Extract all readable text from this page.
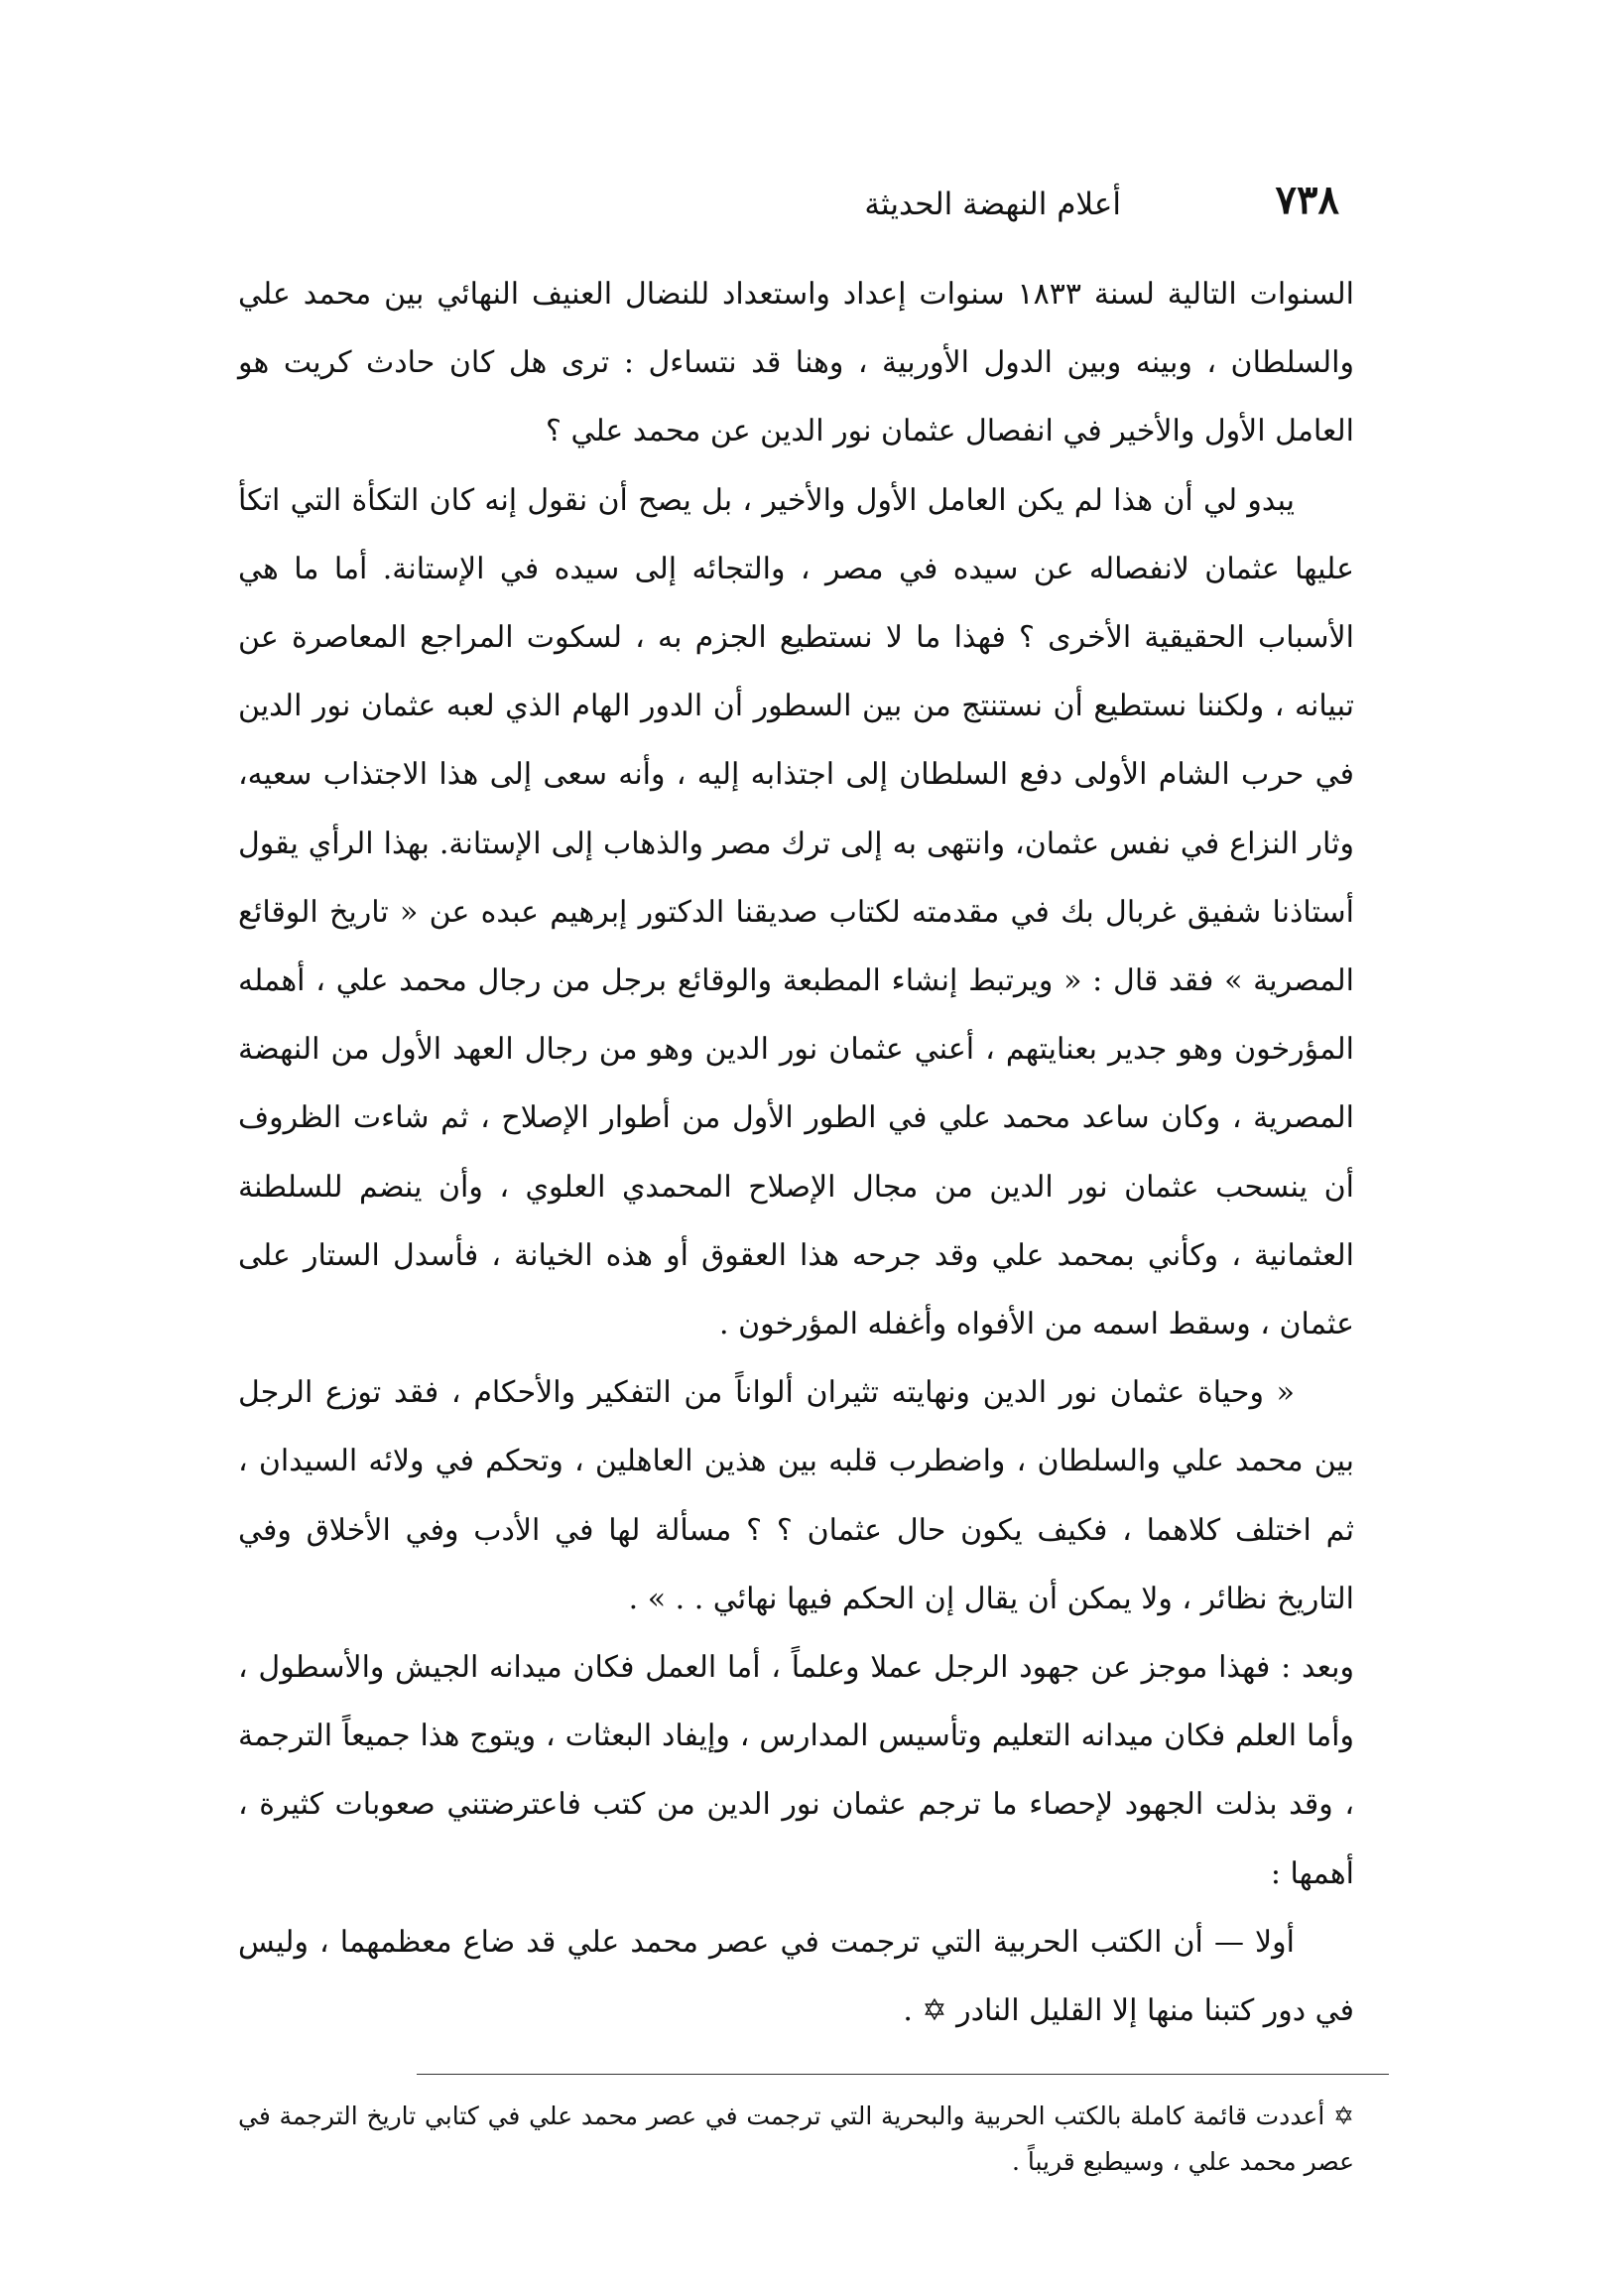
٧٣٨
أعلام النهضة الحديثة

السنوات التالية لسنة ١٨٣٣ سنوات إعداد واستعداد للنضال العنيف النهائي بين محمد علي والسلطان ، وبينه وبين الدول الأوربية ، وهنا قد نتساءل : ترى هل كان حادث كريت هو العامل الأول والأخير في انفصال عثمان نور الدين عن محمد علي ؟

يبدو لي أن هذا لم يكن العامل الأول والأخير ، بل يصح أن نقول إنه كان التكأة التي اتكأ عليها عثمان لانفصاله عن سيده في مصر ، والتجائه إلى سيده في الإستانة. أما ما هي الأسباب الحقيقية الأخرى ؟ فهذا ما لا نستطيع الجزم به ، لسكوت المراجع المعاصرة عن تبيانه ، ولكننا نستطيع أن نستنتج من بين السطور أن الدور الهام الذي لعبه عثمان نور الدين في حرب الشام الأولى دفع السلطان إلى اجتذابه إليه ، وأنه سعى إلى هذا الاجتذاب سعيه، وثار النزاع في نفس عثمان، وانتهى به إلى ترك مصر والذهاب إلى الإستانة. بهذا الرأي يقول أستاذنا شفيق غربال بك في مقدمته لكتاب صديقنا الدكتور إبرهيم عبده عن « تاريخ الوقائع المصرية » فقد قال : « ويرتبط إنشاء المطبعة والوقائع برجل من رجال محمد علي ، أهمله المؤرخون وهو جدير بعنايتهم ، أعني عثمان نور الدين وهو من رجال العهد الأول من النهضة المصرية ، وكان ساعد محمد علي في الطور الأول من أطوار الإصلاح ، ثم شاءت الظروف أن ينسحب عثمان نور الدين من مجال الإصلاح المحمدي العلوي ، وأن ينضم للسلطنة العثمانية ، وكأني بمحمد علي وقد جرحه هذا العقوق أو هذه الخيانة ، فأسدل الستار على عثمان ، وسقط اسمه من الأفواه وأغفله المؤرخون .

« وحياة عثمان نور الدين ونهايته تثيران ألواناً من التفكير والأحكام ، فقد توزع الرجل بين محمد علي والسلطان ، واضطرب قلبه بين هذين العاهلين ، وتحكم في ولائه السيدان ، ثم اختلف كلاهما ، فكيف يكون حال عثمان ؟ ؟ مسألة لها في الأدب وفي الأخلاق وفي التاريخ نظائر ، ولا يمكن أن يقال إن الحكم فيها نهائي . . » .

وبعد : فهذا موجز عن جهود الرجل عملا وعلماً ، أما العمل فكان ميدانه الجيش والأسطول ، وأما العلم فكان ميدانه التعليم وتأسيس المدارس ، وإيفاد البعثات ، ويتوج هذا جميعاً الترجمة ، وقد بذلت الجهود لإحصاء ما ترجم عثمان نور الدين من كتب فاعترضتني صعوبات كثيرة ، أهمها :

أولا — أن الكتب الحربية التي ترجمت في عصر محمد علي قد ضاع معظمهما ، وليس في دور كتبنا منها إلا القليل النادر ✡ .

✡ أعددت قائمة كاملة بالكتب الحربية والبحرية التي ترجمت في عصر محمد علي في كتابي تاريخ الترجمة في عصر محمد علي ، وسيطبع قريباً .
